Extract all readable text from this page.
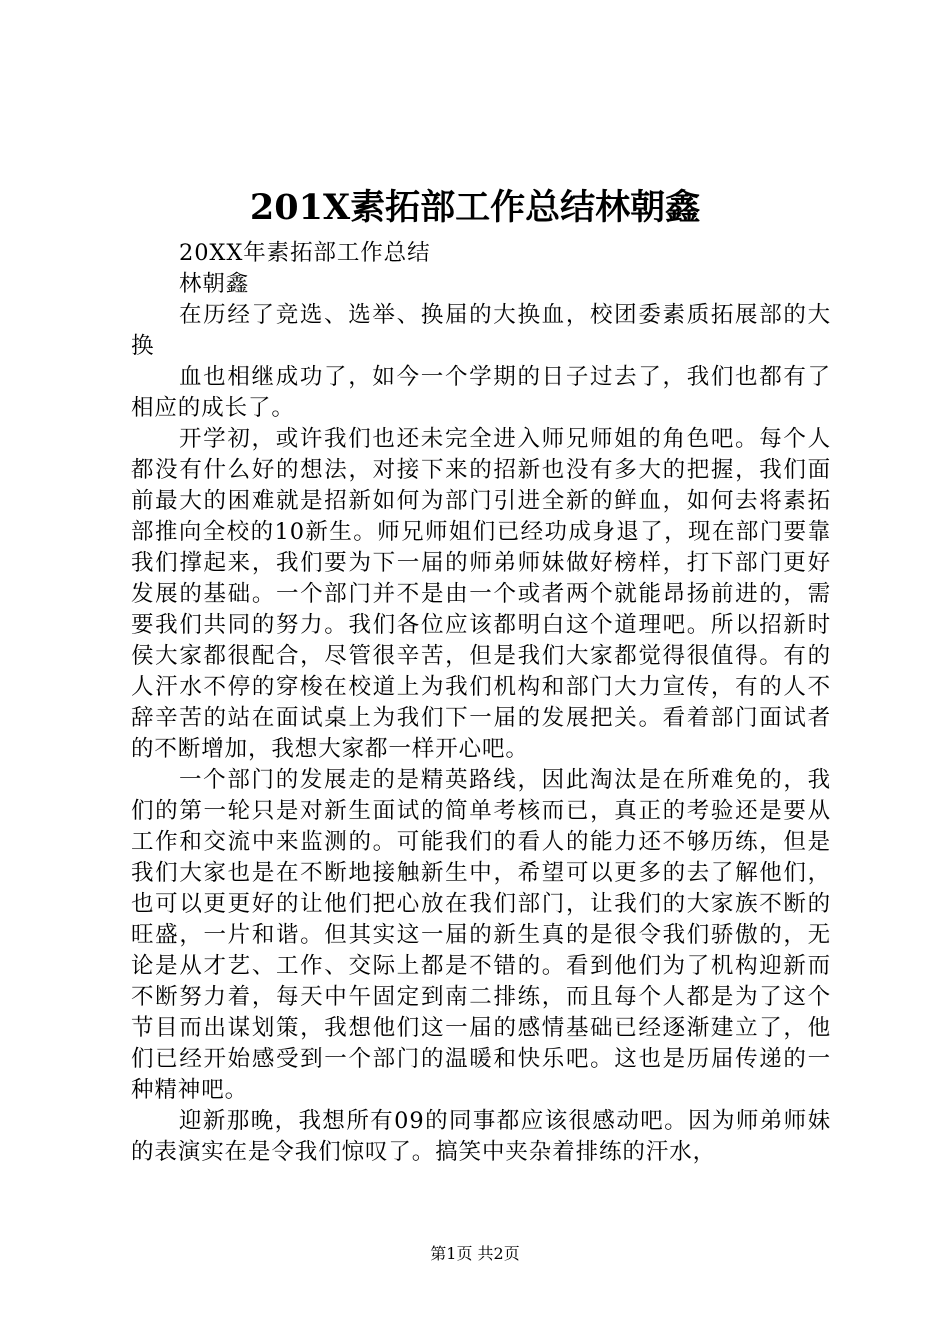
201X素拓部工作总结林朝鑫

20XX年素拓部工作总结

林朝鑫

在历经了竞选、选举、换届的大换血，校团委素质拓展部的大换

血也相继成功了，如今一个学期的日子过去了，我们也都有了相应的成长了。

开学初，或许我们也还未完全进入师兄师姐的角色吧。每个人都没有什么好的想法，对接下来的招新也没有多大的把握，我们面前最大的困难就是招新如何为部门引进全新的鲜血，如何去将素拓部推向全校的10新生。师兄师姐们已经功成身退了，现在部门要靠我们撑起来，我们要为下一届的师弟师妹做好榜样，打下部门更好发展的基础。一个部门并不是由一个或者两个就能昂扬前进的，需要我们共同的努力。我们各位应该都明白这个道理吧。所以招新时侯大家都很配合，尽管很辛苦，但是我们大家都觉得很值得。有的人汗水不停的穿梭在校道上为我们机构和部门大力宣传，有的人不辞辛苦的站在面试桌上为我们下一届的发展把关。看着部门面试者的不断增加，我想大家都一样开心吧。

一个部门的发展走的是精英路线，因此淘汰是在所难免的，我们的第一轮只是对新生面试的简单考核而已，真正的考验还是要从工作和交流中来监测的。可能我们的看人的能力还不够历练，但是我们大家也是在不断地接触新生中，希望可以更多的去了解他们，也可以更更好的让他们把心放在我们部门，让我们的大家族不断的旺盛，一片和谐。但其实这一届的新生真的是很令我们骄傲的，无论是从才艺、工作、交际上都是不错的。看到他们为了机构迎新而不断努力着，每天中午固定到南二排练，而且每个人都是为了这个节目而出谋划策，我想他们这一届的感情基础已经逐渐建立了，他们已经开始感受到一个部门的温暖和快乐吧。这也是历届传递的一种精神吧。

迎新那晚，我想所有09的同事都应该很感动吧。因为师弟师妹的表演实在是令我们惊叹了。搞笑中夹杂着排练的汗水，

第1页 共2页
